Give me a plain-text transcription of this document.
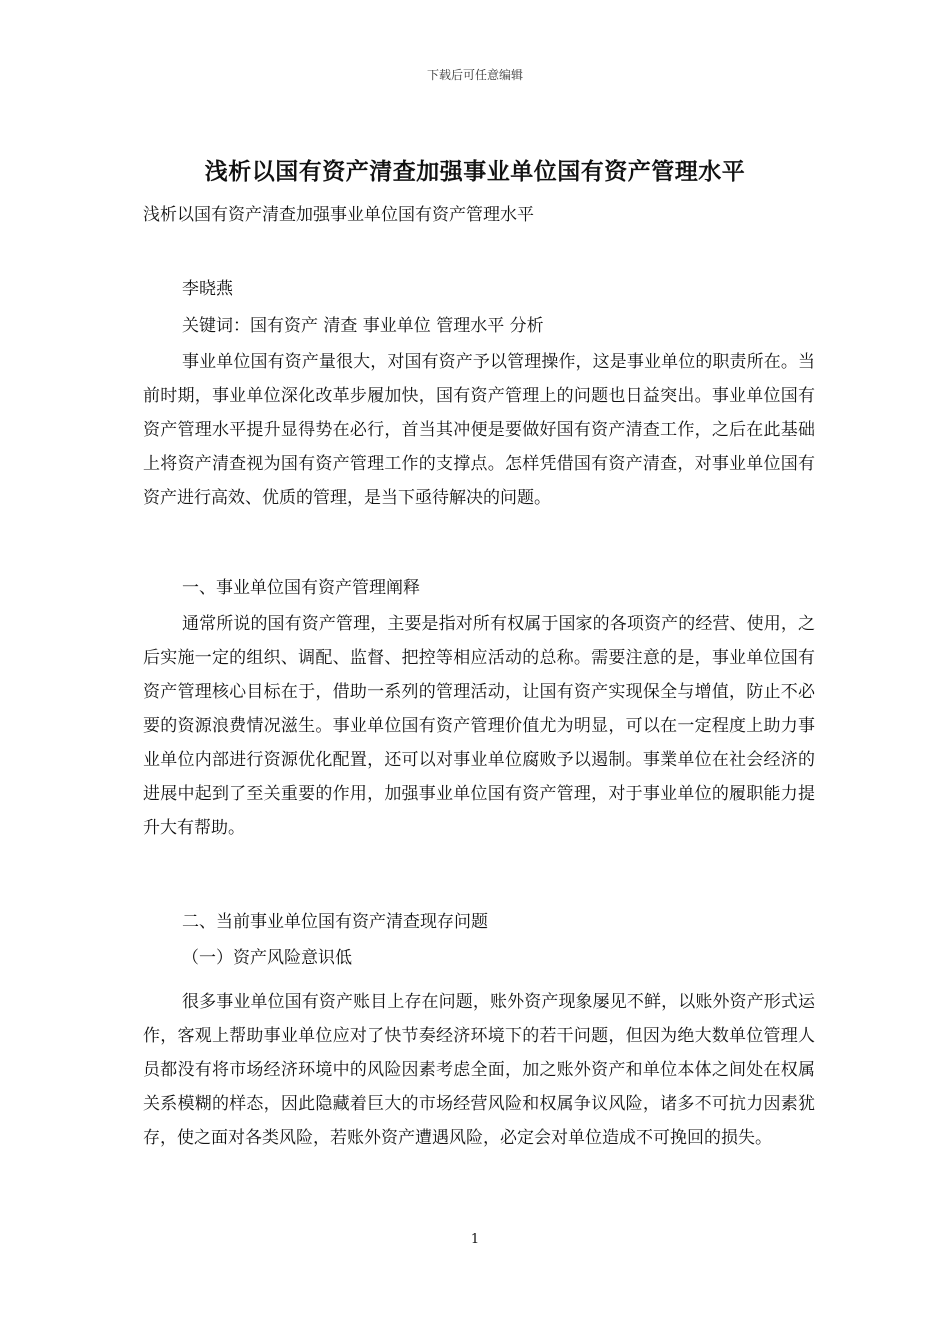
下载后可任意编辑
浅析以国有资产清查加强事业单位国有资产管理水平
浅析以国有资产清查加强事业单位国有资产管理水平
李晓燕
关键词：国有资产 清查 事业单位 管理水平 分析
事业单位国有资产量很大，对国有资产予以管理操作，这是事业单位的职责所在。当前时期，事业单位深化改革步履加快，国有资产管理上的问题也日益突出。事业单位国有资产管理水平提升显得势在必行，首当其冲便是要做好国有资产清查工作，之后在此基础上将资产清查视为国有资产管理工作的支撑点。怎样凭借国有资产清查，对事业单位国有资产进行高效、优质的管理，是当下亟待解决的问题。
一、事业单位国有资产管理阐释
通常所说的国有资产管理，主要是指对所有权属于国家的各项资产的经营、使用，之后实施一定的组织、调配、监督、把控等相应活动的总称。需要注意的是，事业单位国有资产管理核心目标在于，借助一系列的管理活动，让国有资产实现保全与增值，防止不必要的资源浪费情况滋生。事业单位国有资产管理价值尤为明显，可以在一定程度上助力事业单位内部进行资源优化配置，还可以对事业单位腐败予以遏制。事業单位在社会经济的进展中起到了至关重要的作用，加强事业单位国有资产管理，对于事业单位的履职能力提升大有帮助。
二、当前事业单位国有资产清查现存问题
（一）资产风险意识低
很多事业单位国有资产账目上存在问题，账外资产现象屡见不鲜，以账外资产形式运作，客观上帮助事业单位应对了快节奏经济环境下的若干问题，但因为绝大数单位管理人员都没有将市场经济环境中的风险因素考虑全面，加之账外资产和单位本体之间处在权属关系模糊的样态，因此隐藏着巨大的市场经营风险和权属争议风险，诸多不可抗力因素犹存，使之面对各类风险，若账外资产遭遇风险，必定会对单位造成不可挽回的损失。
1
